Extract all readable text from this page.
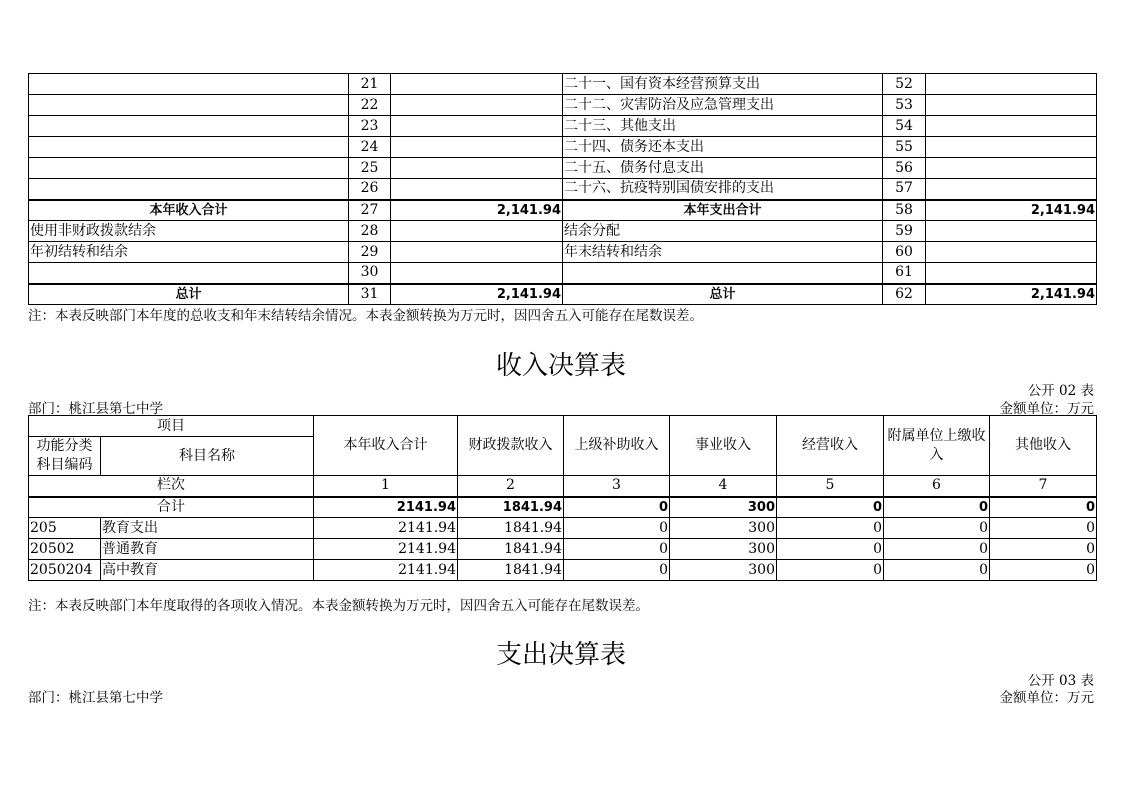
	21		二十一、国有资本经营预算支出	52	
	22		二十二、灾害防治及应急管理支出	53	
	23		二十三、其他支出	54	
	24		二十四、债务还本支出	55	
	25		二十五、债务付息支出	56	
	26		二十六、抗疫特别国债安排的支出	57	
本年收入合计	27	2,141.94	本年支出合计	58	2,141.94
使用非财政拨款结余	28		结余分配	59	
年初结转和结余	29		年末结转和结余	60	
	30			61	
总计	31	2,141.94	总计	62	2,141.94
注：本表反映部门本年度的总收支和年末结转结余情况。本表金额转换为万元时，因四舍五入可能存在尾数误差。
收入决算表
公开 02 表
部门：桃江县第七中学	金额单位：万元
项目		本年收入合计	财政拨款收入	上级补助收入	事业收入	经营收入	附属单位上缴收入	其他收入
功能分类科目编码	科目名称							

栏次		1	2	3	4	5	6	7
合计		2141.94	1841.94	0	300	0	0	0
205	教育支出	2141.94	1841.94	0	300	0	0	0
20502	普通教育	2141.94	1841.94	0	300	0	0	0
2050204	高中教育	2141.94	1841.94	0	300	0	0	0
注：本表反映部门本年度取得的各项收入情况。本表金额转换为万元时，因四舍五入可能存在尾数误差。
支出决算表
公开 03 表
部门：桃江县第七中学	金额单位：万元
